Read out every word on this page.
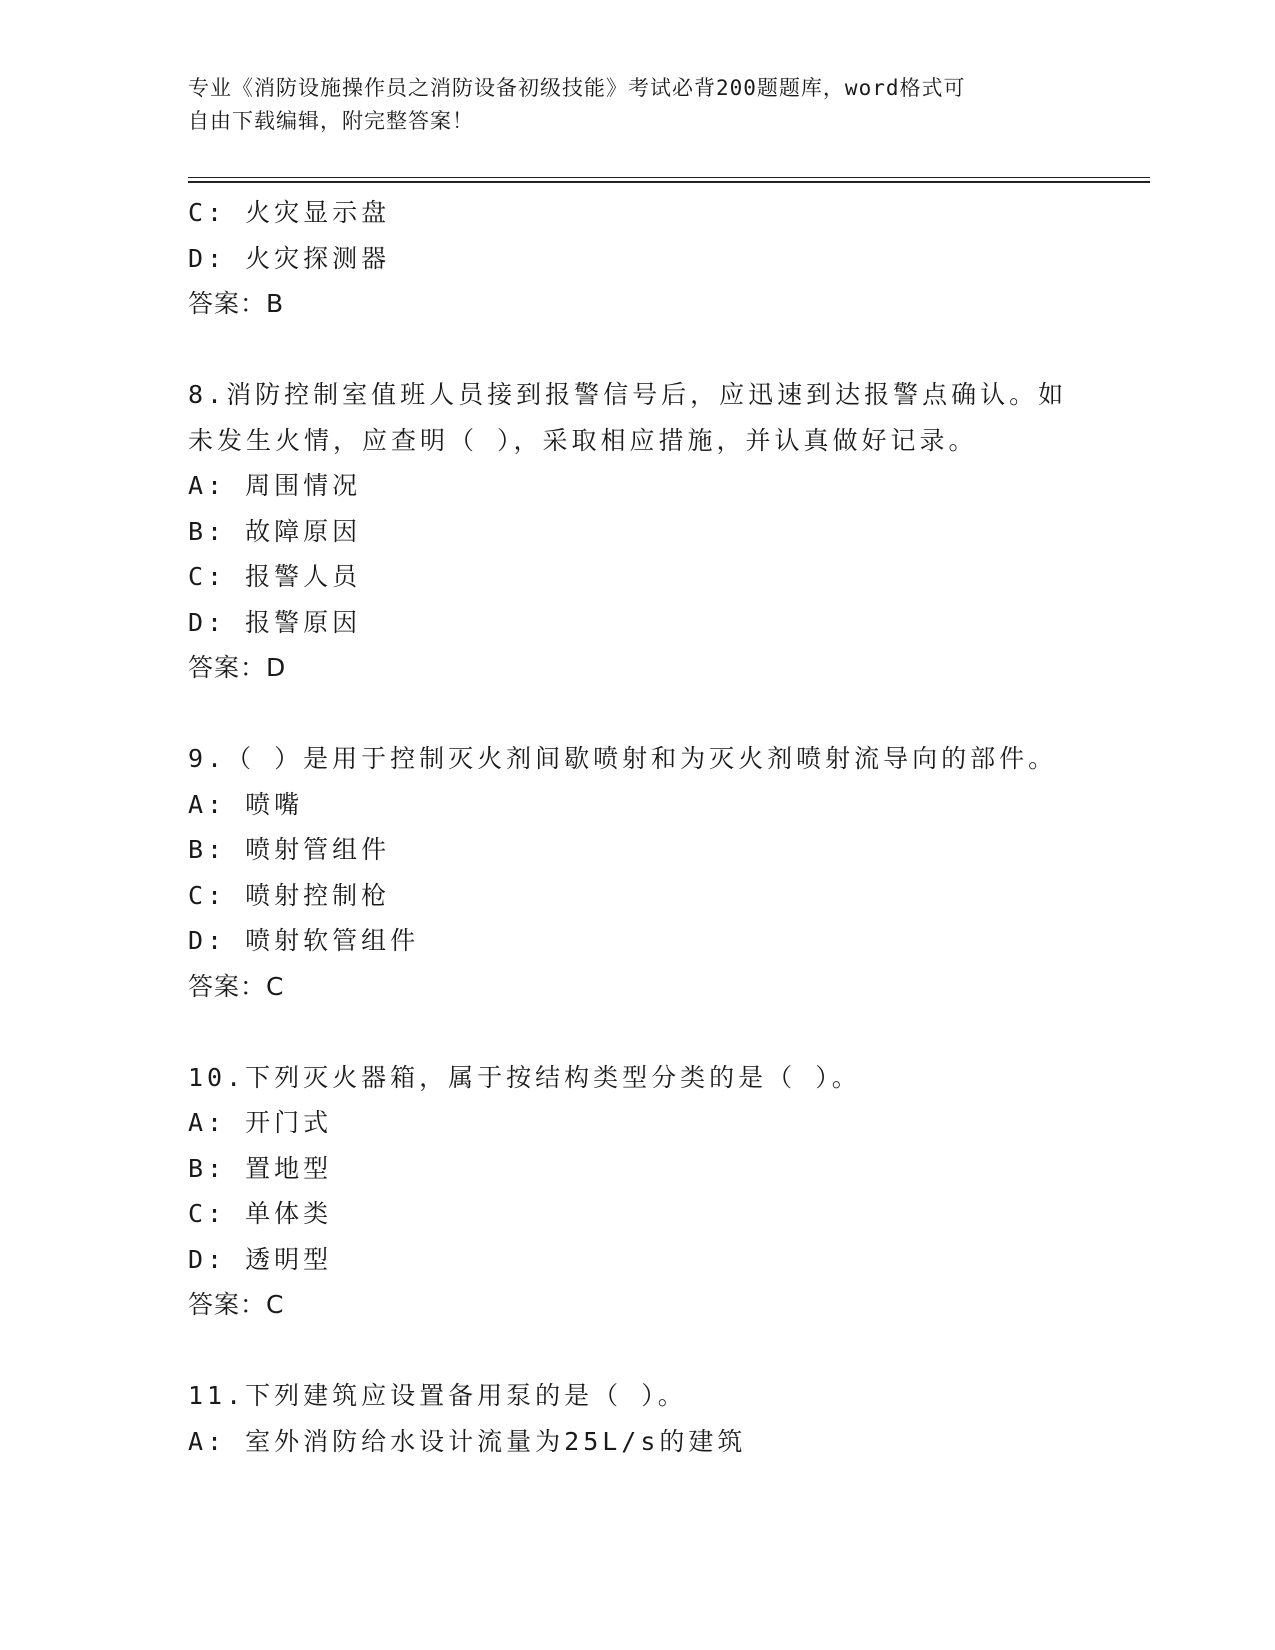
专业《消防设施操作员之消防设备初级技能》考试必背200题题库，word格式可
自由下载编辑，附完整答案！
C: 火灾显示盘
D: 火灾探测器
答案：B
8.消防控制室值班人员接到报警信号后，应迅速到达报警点确认。如
未发生火情，应查明（ ），采取相应措施，并认真做好记录。
A: 周围情况
B: 故障原因
C: 报警人员
D: 报警原因
答案：D
9.（ ）是用于控制灭火剂间歇喷射和为灭火剂喷射流导向的部件。
A: 喷嘴
B: 喷射管组件
C: 喷射控制枪
D: 喷射软管组件
答案：C
10.下列灭火器箱，属于按结构类型分类的是（ ）。
A: 开门式
B: 置地型
C: 单体类
D: 透明型
答案：C
11.下列建筑应设置备用泵的是（ ）。
A: 室外消防给水设计流量为25L/s的建筑
